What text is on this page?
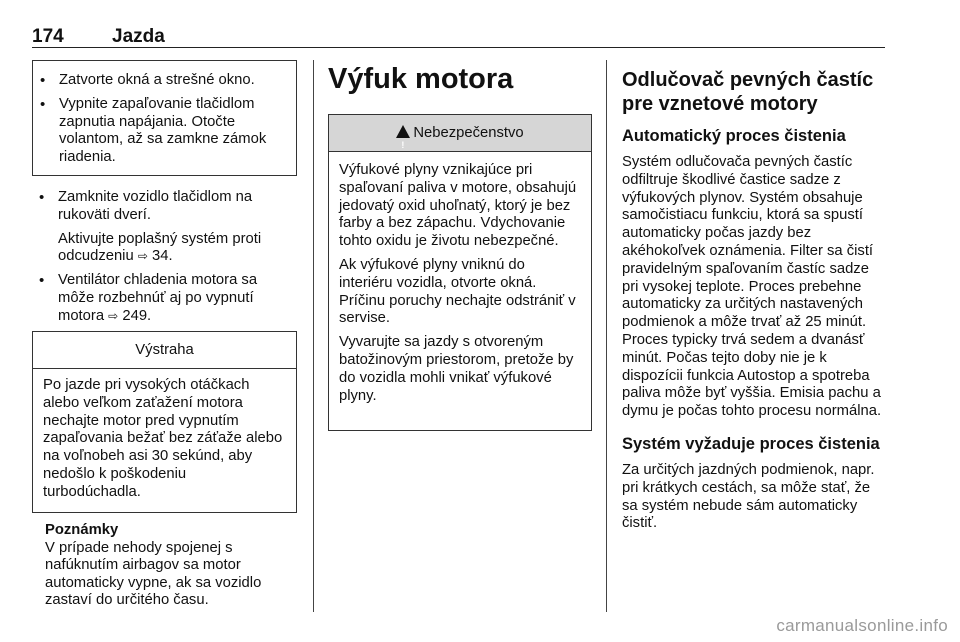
174	Jazda

• Zatvorte okná a strešné okno.

• Vypnite zapaľovanie tlačidlom zapnutia napájania. Otočte volantom, až sa zamkne zámok riadenia.

• Zamknite vozidlo tlačidlom na rukoväti dverí.

Aktivujte poplašný systém proti odcudzeniu ⇨ 34.

• Ventilátor chladenia motora sa môže rozbehnúť aj po vypnutí motora ⇨ 249.

Výstraha

Po jazde pri vysokých otáčkach alebo veľkom zaťažení motora nechajte motor pred vypnutím zapaľovania bežať bez záťaže alebo na voľnobeh asi 30 sekúnd, aby nedošlo k poškodeniu turbodúchadla.

Poznámky

V prípade nehody spojenej s nafúknutím airbagov sa motor automaticky vypne, ak sa vozidlo zastaví do určitého času.

Výfuk motora
!Nebezpečenstvo

Výfukové plyny vznikajúce pri spaľovaní paliva v motore, obsahujú jedovatý oxid uhoľnatý, ktorý je bez farby a bez zápachu. Vdychovanie tohto oxidu je životu nebezpečné.

Ak výfukové plyny vniknú do interiéru vozidla, otvorte okná. Príčinu poruchy nechajte odstrániť v servise.

Vyvarujte sa jazdy s otvoreným batožinovým priestorom, pretože by do vozidla mohli vnikať výfukové plyny.

Odlučovač pevných častíc pre vznetové motory

Automatický proces čistenia

Systém odlučovača pevných častíc odfiltruje škodlivé častice sadze z výfukových plynov. Systém obsahuje samočistiacu funkciu, ktorá sa spustí automaticky počas jazdy bez akéhokoľvek oznámenia. Filter sa čistí pravidelným spaľovaním častíc sadze pri vysokej teplote. Proces prebehne automaticky za určitých nastavených podmienok a môže trvať až 25 minút. Proces typicky trvá sedem a dvanásť minút. Počas tejto doby nie je k dispozícii funkcia Autostop a spotreba paliva môže byť vyššia. Emisia pachu a dymu je počas tohto procesu normálna.

Systém vyžaduje proces čistenia

Za určitých jazdných podmienok, napr. pri krátkych cestách, sa môže stať, že sa systém nebude sám automaticky čistiť.

carmanualsonline.info
